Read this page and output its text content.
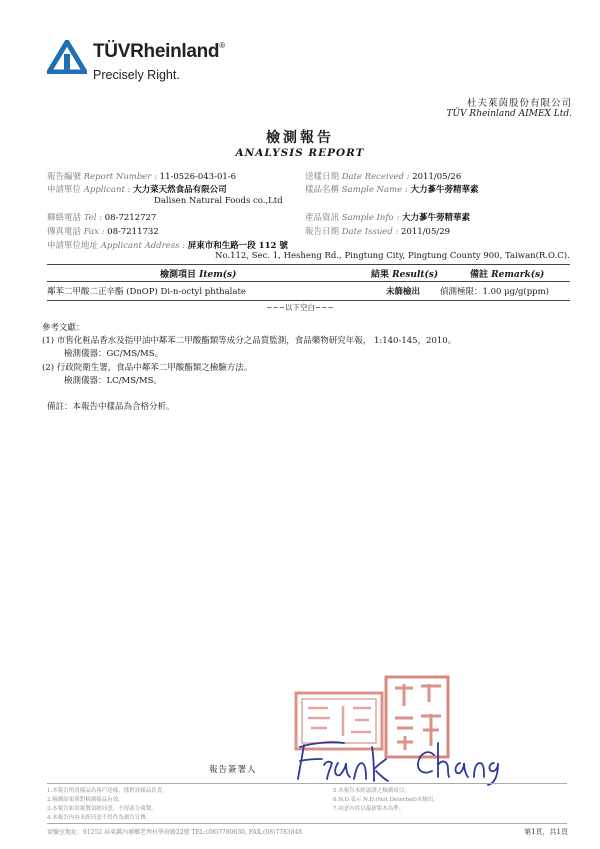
TÜVRheinland®
Precisely Right.
杜夫萊茵股份有限公司
TÜV Rheinland AIMEX Ltd.
檢測報告
ANALYSIS REPORT
報告編號 Report Number : 11-0526-043-01-6
申請單位 Applicant : 大力菜天然食品有限公司
Dalisen Natural Foods co.,Ltd
聯絡電話 Tel : 08-7212727
傳真電話 Fax : 08-7211732
申請單位地址 Applicant Address : 屏東市和生路一段 112 號
No.112, Sec. 1, Hesheng Rd., Pingtung City, Pingtung County 900, Taiwan(R.O.C).
送樣日期 Date Received : 2011/05/26
樣品名稱 Sample Name : 大力蔘牛蒡精華素
產品資訊 Sample Info : 大力蔘牛蒡精華素
報告日期 Date Issued : 2011/05/29
檢測項目 Item(s)	結果 Result(s)	備註 Remark(s)
鄰苯二甲酸二正辛酯 (DnOP) Di-n-octyl phthalate	未篩檢出 偵測極限：1.00 μg/g(ppm)
~~~以下空白~~~
參考文獻：
(1) 市售化粧品香水及指甲油中鄰苯二甲酸酯類等成分之品質監測，食品藥物研究年報， 1:140-145，2010。
檢測儀器：GC/MS/MS。
(2) 行政院衛生署，食品中鄰苯二甲酸酯類之檢驗方法。
檢測儀器：LC/MS/MS。
備註：本報告中樣品為合格分析。
報告簽署人
1.本報告所用樣品為客戶送樣，僅對該樣品負責。
2.檢測結果僅對檢測樣品有效。
3.本報告如須複製須經同意，不得部分複製。
4.本報告內容未經同意不得作為廣告宣傳。
5.本報告未經認證之檢測項目。
6.N.D.表示 N.D.(Not Detected)未檢出。
7.同意內容以最新版本為準。
實驗室地址：91252 屏東縣內埔鄉老埤村學府路22號 TEL:(08)7789630, FAX:(08)7783848	第1頁，共1頁
